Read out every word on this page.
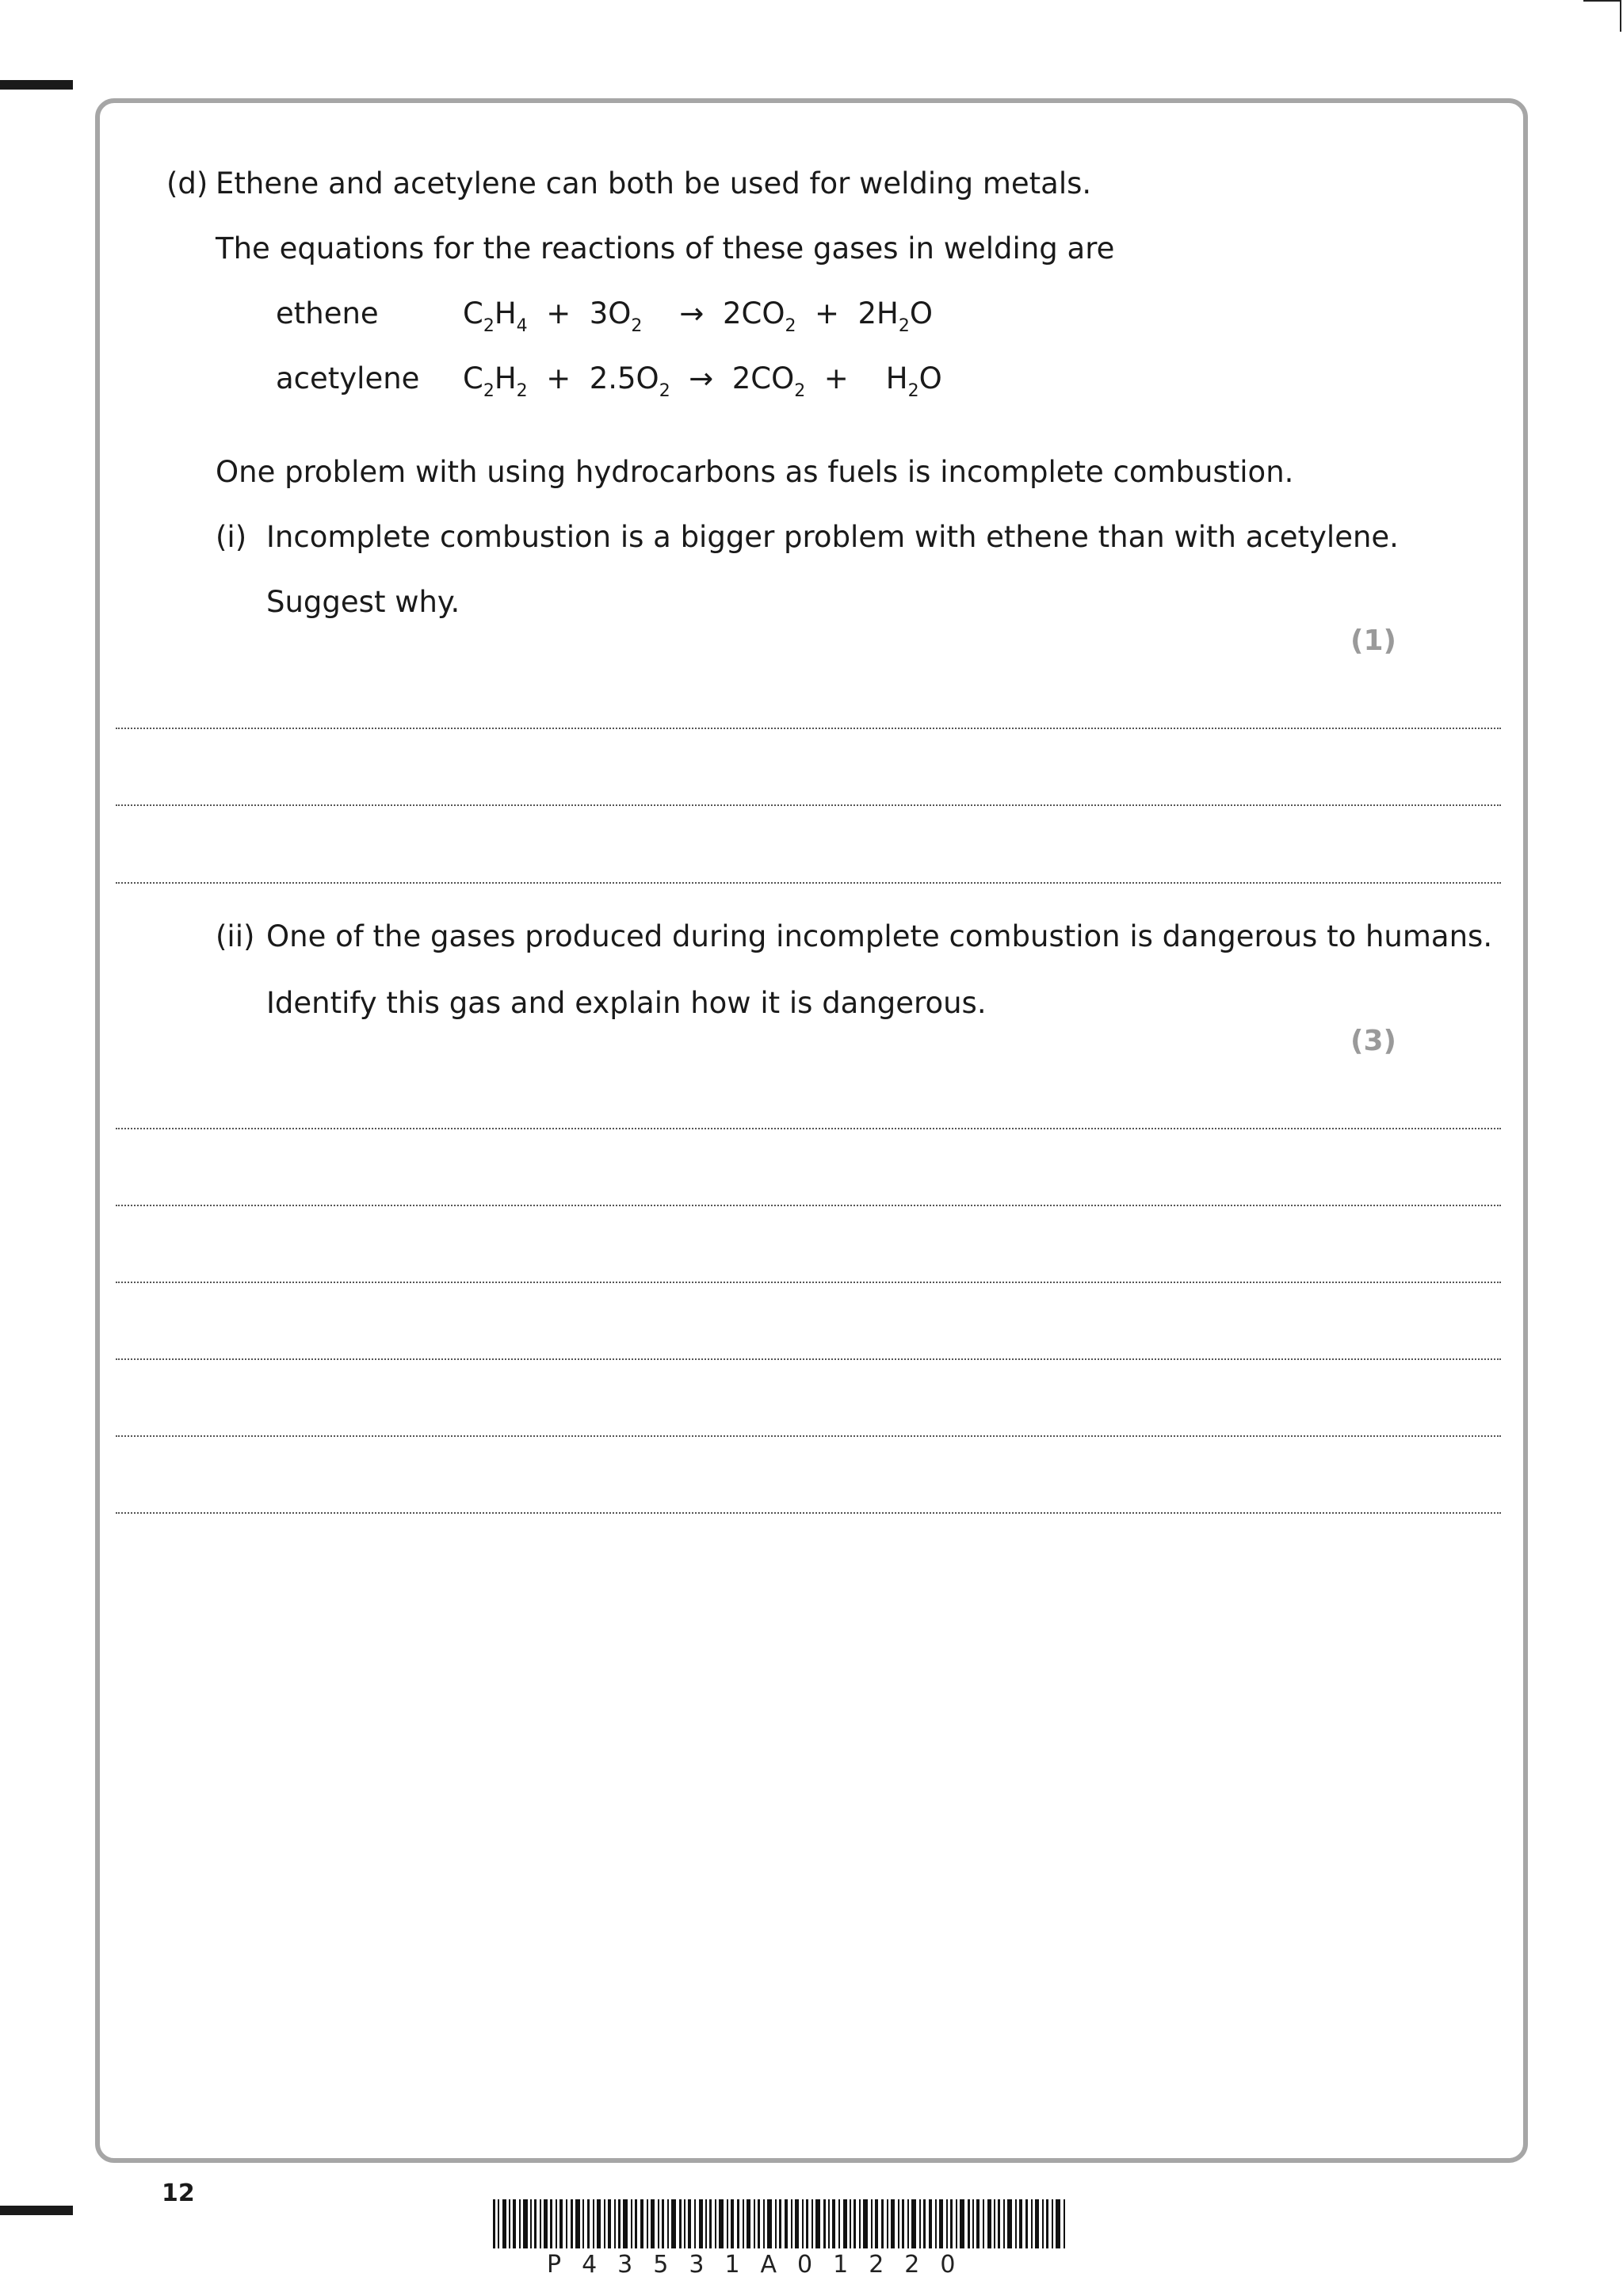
(d) Ethene and acetylene can both be used for welding metals.
The equations for the reactions of these gases in welding are
ethene	$C_2H_4 + 3O_2$    →  $2CO_2 + 2H_2O$
acetylene $C_2H_2 + 2.5O_2 \to 2CO_2$  +    $H_2O$
One problem with using hydrocarbons as fuels is incomplete combustion.
(i) Incomplete combustion is a bigger problem with ethene than with acetylene.
Suggest why.
(1)
(ii) One of the gases produced during incomplete combustion is dangerous to humans.
Identify this gas and explain how it is dangerous.
(3)
12
P43531A01220
